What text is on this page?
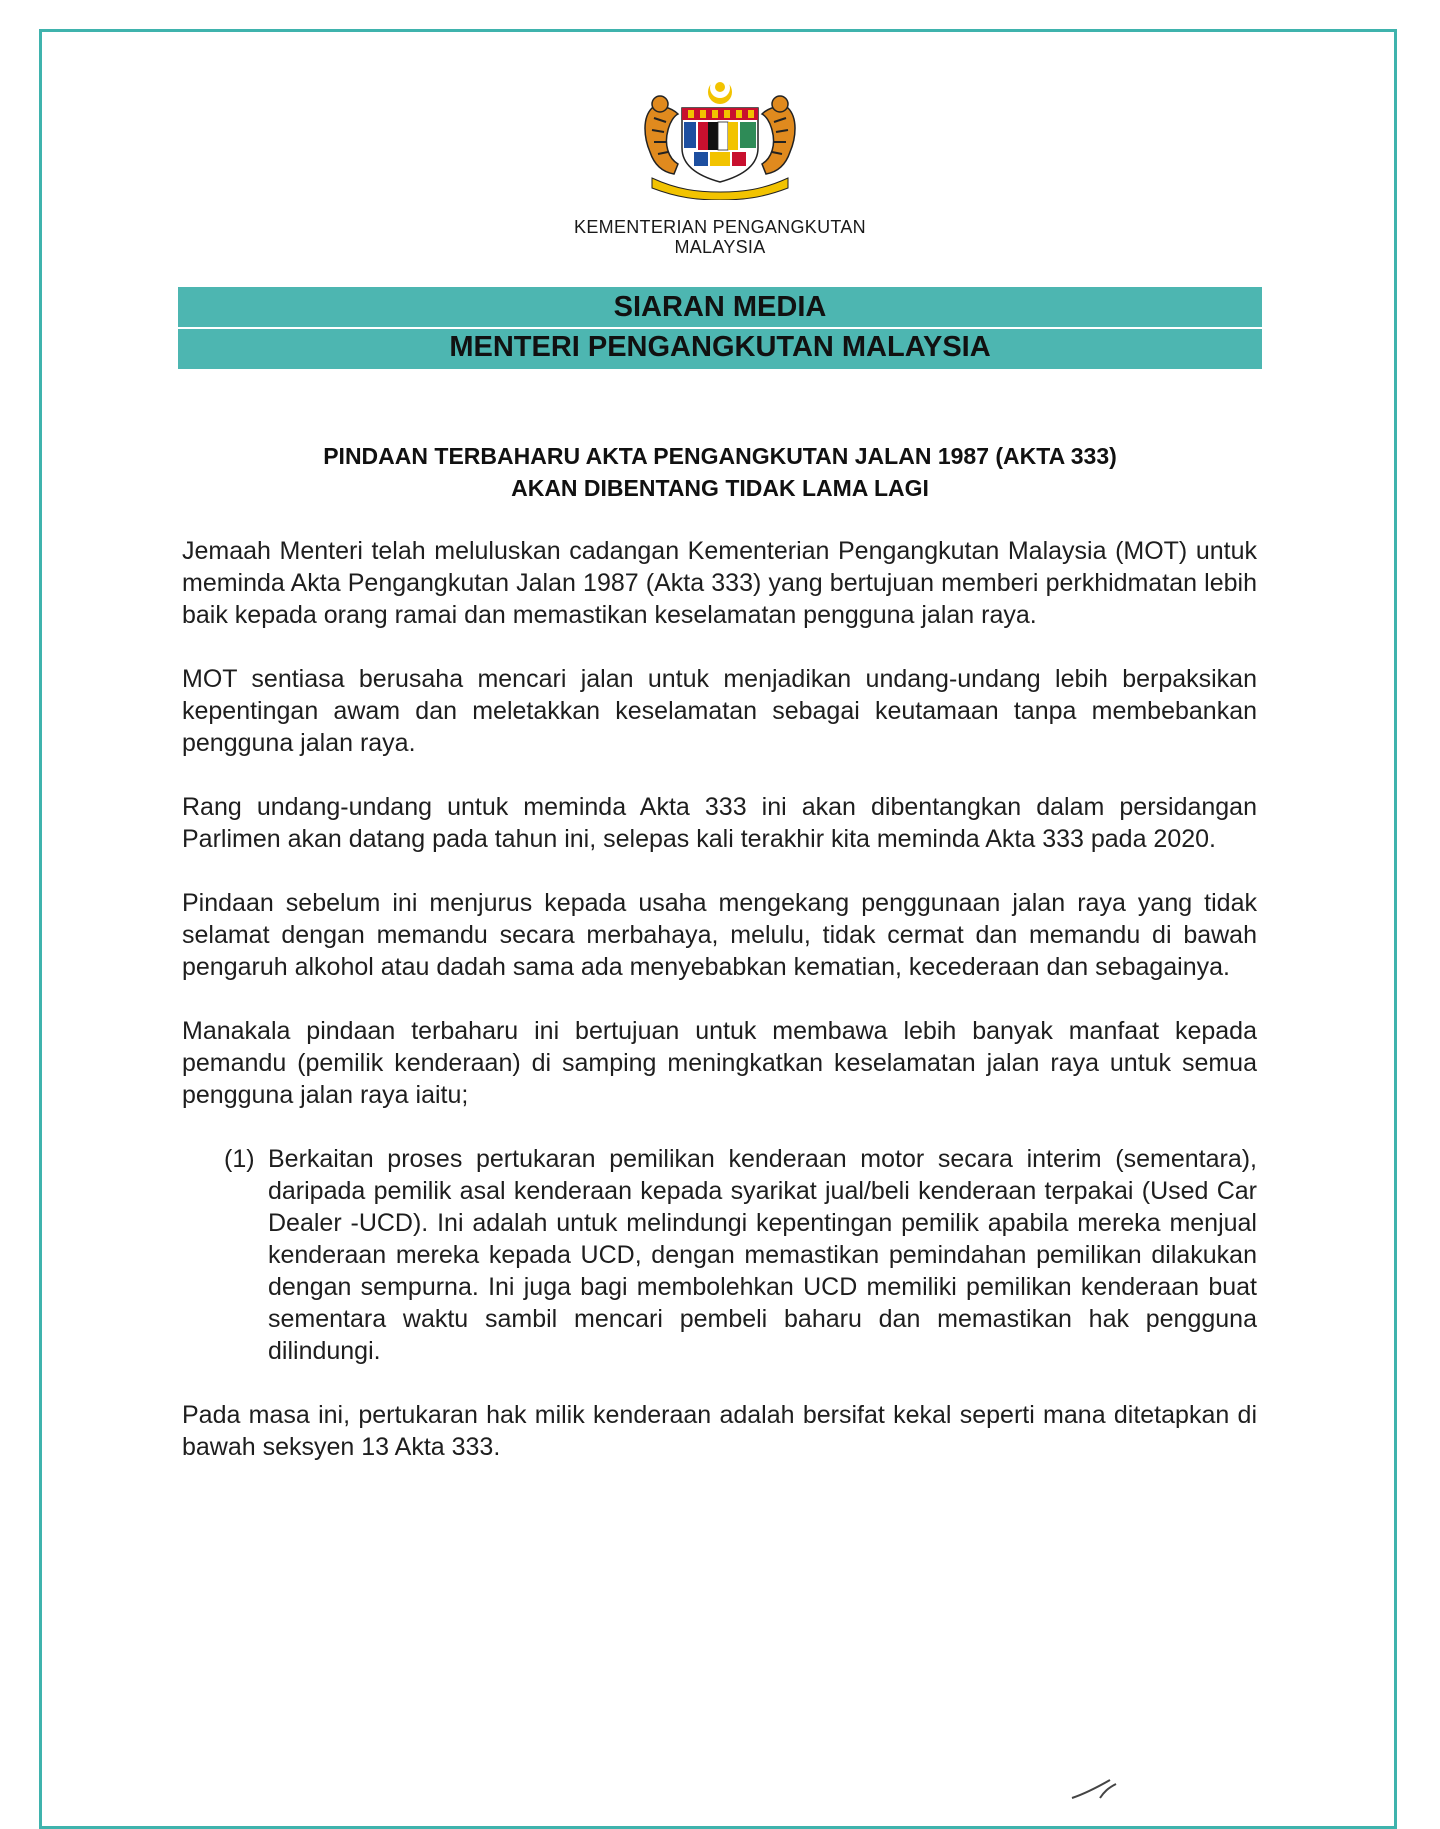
KEMENTERIAN PENGANGKUTAN
MALAYSIA
SIARAN MEDIA
MENTERI PENGANGKUTAN MALAYSIA
PINDAAN TERBAHARU AKTA PENGANGKUTAN JALAN 1987 (AKTA 333)
AKAN DIBENTANG TIDAK LAMA LAGI

Jemaah Menteri telah meluluskan cadangan Kementerian Pengangkutan Malaysia (MOT) untuk meminda Akta Pengangkutan Jalan 1987 (Akta 333) yang bertujuan memberi perkhidmatan lebih baik kepada orang ramai dan memastikan keselamatan pengguna jalan raya.

MOT sentiasa berusaha mencari jalan untuk menjadikan undang-undang lebih berpaksikan kepentingan awam dan meletakkan keselamatan sebagai keutamaan tanpa membebankan pengguna jalan raya.

Rang undang-undang untuk meminda Akta 333 ini akan dibentangkan dalam persidangan Parlimen akan datang pada tahun ini, selepas kali terakhir kita meminda Akta 333 pada 2020.

Pindaan sebelum ini menjurus kepada usaha mengekang penggunaan jalan raya yang tidak selamat dengan memandu secara merbahaya, melulu, tidak cermat dan memandu di bawah pengaruh alkohol atau dadah sama ada menyebabkan kematian, kecederaan dan sebagainya.

Manakala pindaan terbaharu ini bertujuan untuk membawa lebih banyak manfaat kepada pemandu (pemilik kenderaan) di samping meningkatkan keselamatan jalan raya untuk semua pengguna jalan raya iaitu;

(1) Berkaitan proses pertukaran pemilikan kenderaan motor secara interim (sementara), daripada pemilik asal kenderaan kepada syarikat jual/beli kenderaan terpakai (Used Car Dealer -UCD). Ini adalah untuk melindungi kepentingan pemilik apabila mereka menjual kenderaan mereka kepada UCD, dengan memastikan pemindahan pemilikan dilakukan dengan sempurna. Ini juga bagi membolehkan UCD memiliki pemilikan kenderaan buat sementara waktu sambil mencari pembeli baharu dan memastikan hak pengguna dilindungi.

Pada masa ini, pertukaran hak milik kenderaan adalah bersifat kekal seperti mana ditetapkan di bawah seksyen 13 Akta 333.
